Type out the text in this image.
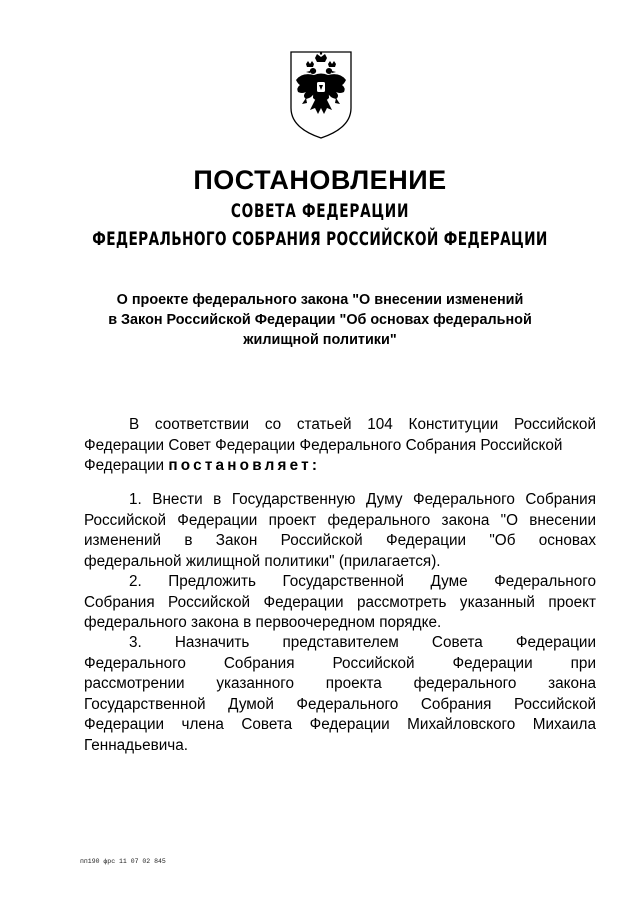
ПОСТАНОВЛЕНИЕ
СОВЕТА ФЕДЕРАЦИИ
ФЕДЕРАЛЬНОГО СОБРАНИЯ РОССИЙСКОЙ ФЕДЕРАЦИИ
О проекте федерального закона "О внесении изменений
в Закон Российской Федерации "Об основах федеральной
жилищной политики"
В соответствии со статьей 104 Конституции Российской
Федерации Совет Федерации Федерального Собрания Российской
Федерации постановляет:
1. Внести в Государственную Думу Федерального Собрания
Российской Федерации проект федерального закона "О внесении
изменений в Закон Российской Федерации "Об основах
федеральной жилищной политики" (прилагается).
2. Предложить Государственной Думе Федерального
Собрания Российской Федерации рассмотреть указанный проект
федерального закона в первоочередном порядке.
3. Назначить представителем Совета Федерации
Федерального Собрания Российской Федерации при
рассмотрении указанного проекта федерального закона
Государственной Думой Федерального Собрания Российской
Федерации члена Совета Федерации Михайловского Михаила
Геннадьевича.
пп190 фрс 11 07 02 845
